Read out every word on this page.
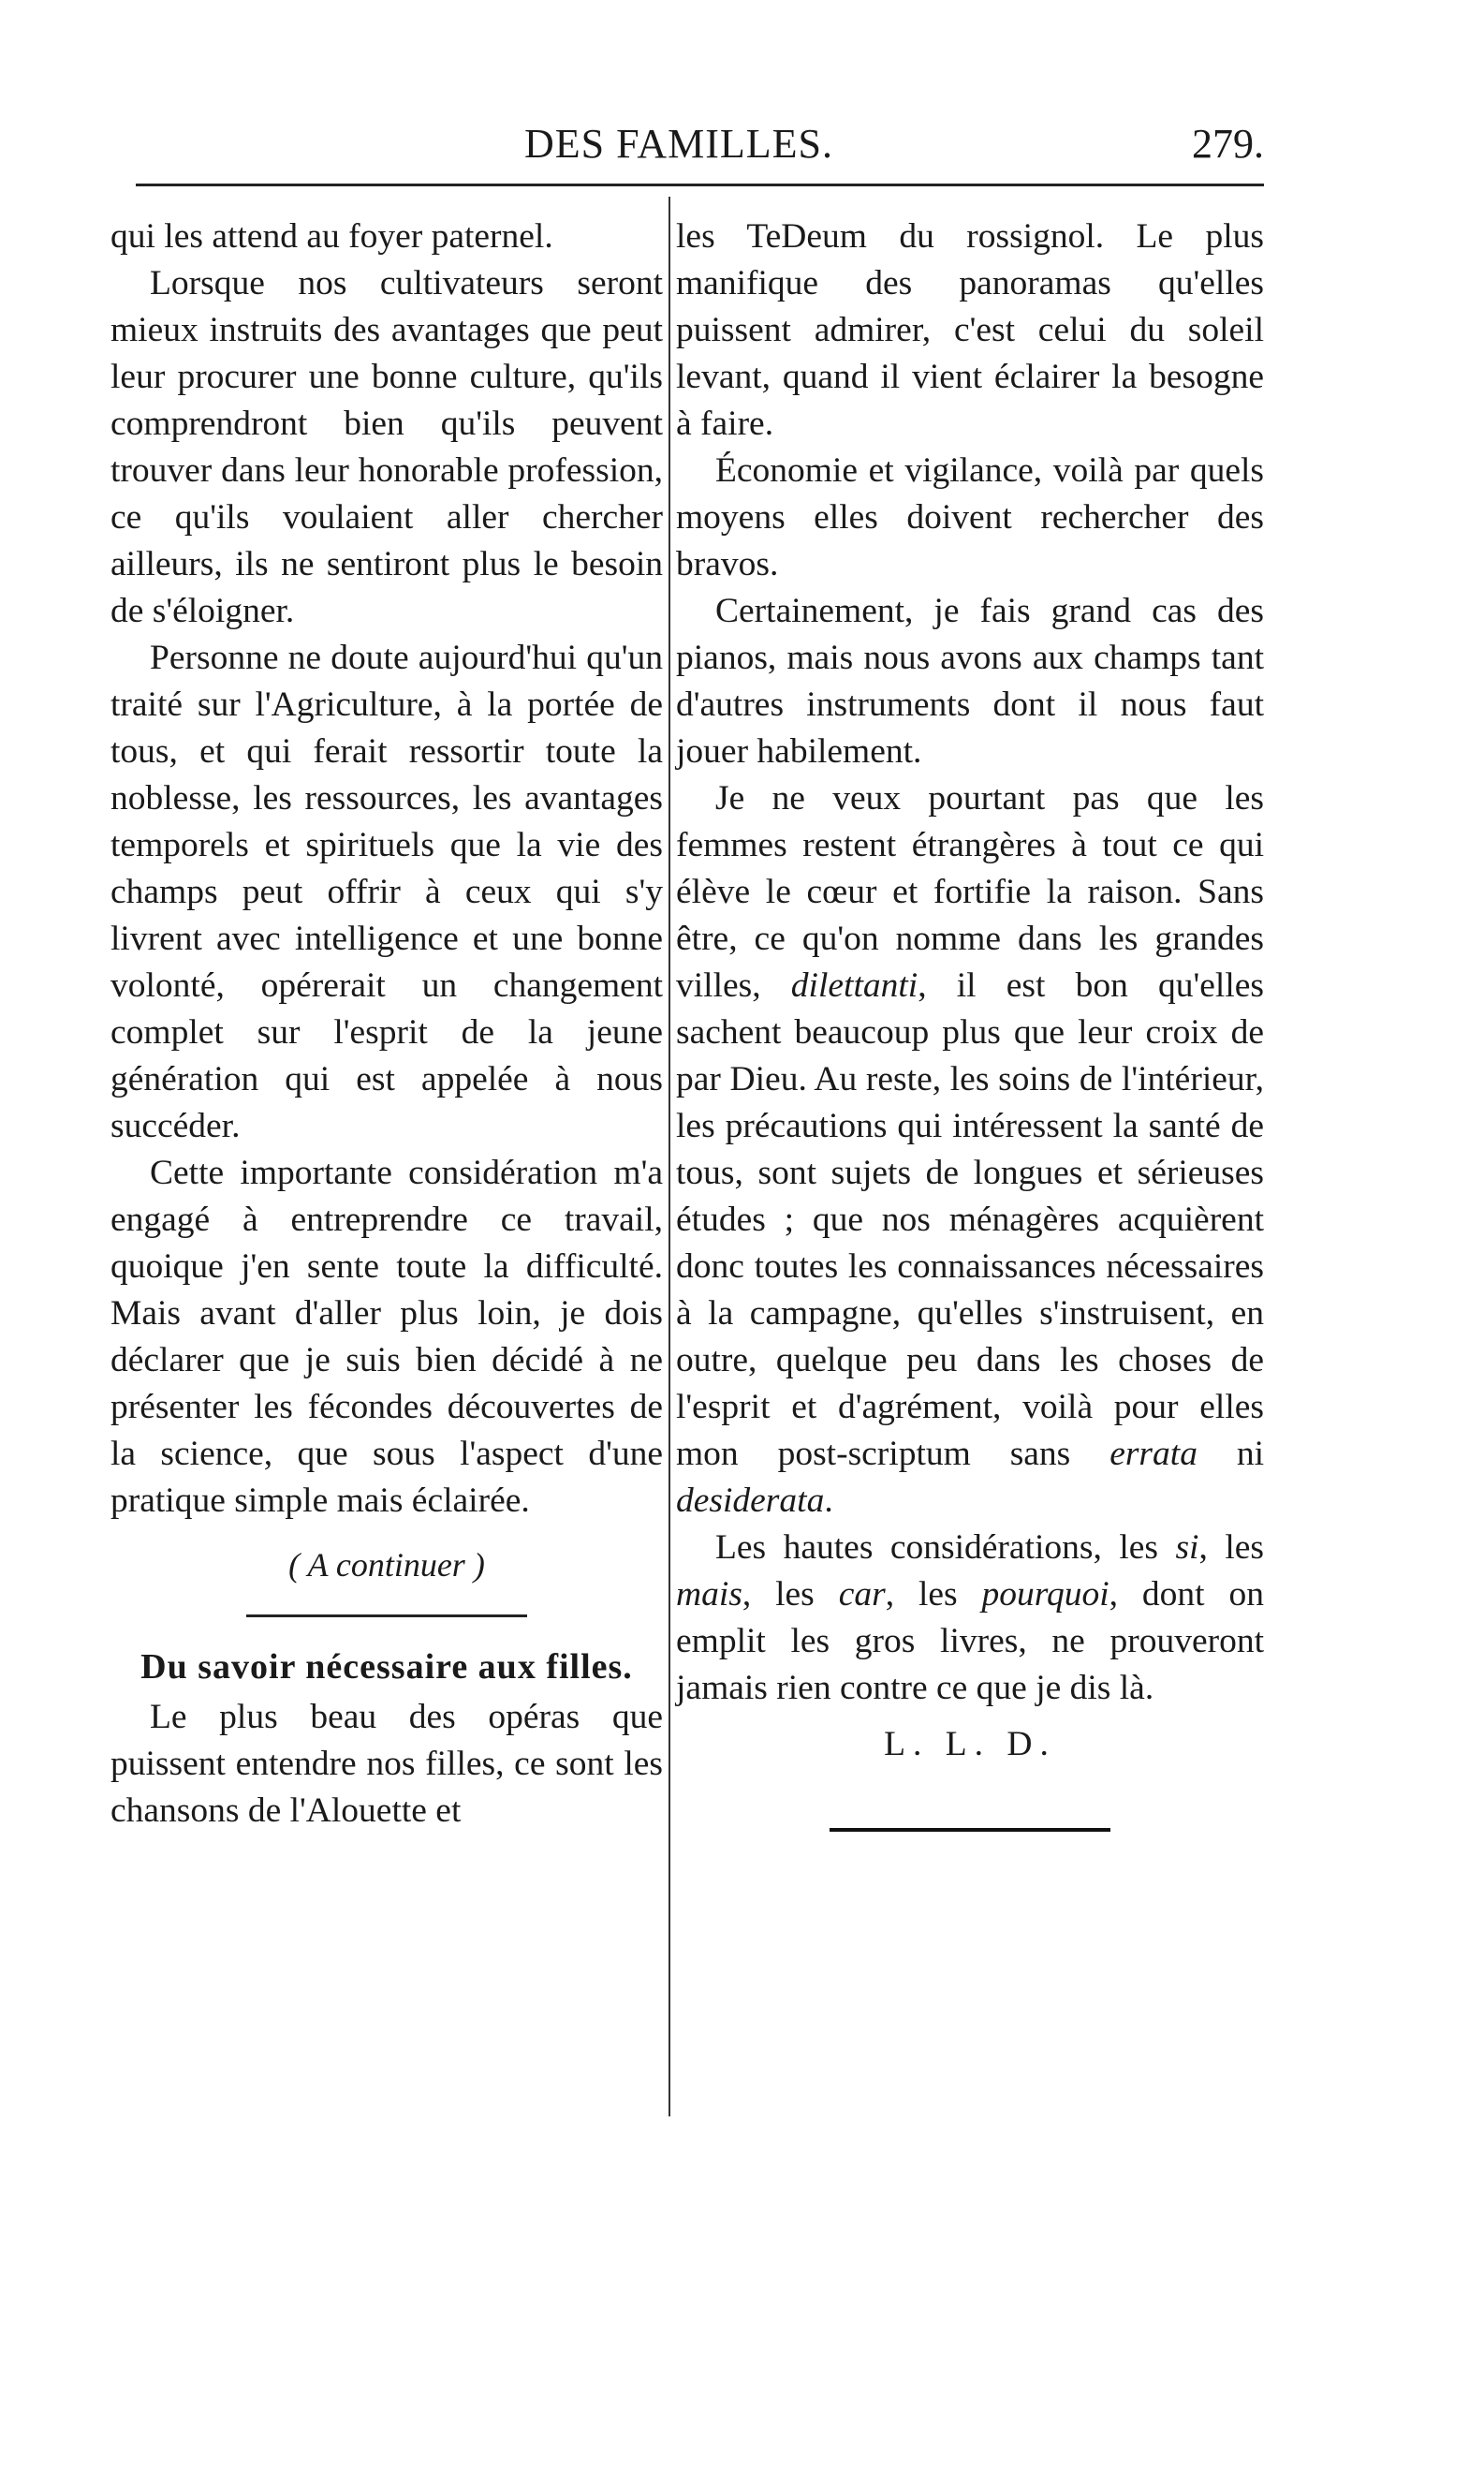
DES FAMILLES.	279.

qui les attend au foyer paternel.

Lorsque nos cultivateurs seront mieux instruits des avantages que peut leur procurer une bonne culture, qu'ils comprendront bien qu'ils peuvent trouver dans leur honorable profession, ce qu'ils voulaient aller chercher ailleurs, ils ne sentiront plus le besoin de s'éloigner.

Personne ne doute aujourd'hui qu'un traité sur l'Agriculture, à la portée de tous, et qui ferait ressortir toute la noblesse, les ressources, les avantages temporels et spirituels que la vie des champs peut offrir à ceux qui s'y livrent avec intelligence et une bonne volonté, opérerait un changement complet sur l'esprit de la jeune génération qui est appelée à nous succéder.

Cette importante considération m'a engagé à entreprendre ce travail, quoique j'en sente toute la difficulté. Mais avant d'aller plus loin, je dois déclarer que je suis bien décidé à ne présenter les fécondes découvertes de la science, que sous l'aspect d'une pratique simple mais éclairée.

( A continuer )
Du savoir nécessaire aux filles.

Le plus beau des opéras que puissent entendre nos filles, ce sont les chansons de l'Alouette et

les TeDeum du rossignol. Le plus manifique des panoramas qu'elles puissent admirer, c'est celui du soleil levant, quand il vient éclairer la besogne à faire.

Économie et vigilance, voilà par quels moyens elles doivent rechercher des bravos.

Certainement, je fais grand cas des pianos, mais nous avons aux champs tant d'autres instruments dont il nous faut jouer habilement.

Je ne veux pourtant pas que les femmes restent étrangères à tout ce qui élève le cœur et fortifie la raison. Sans être, ce qu'on nomme dans les grandes villes, dilettanti, il est bon qu'elles sachent beaucoup plus que leur croix de par Dieu. Au reste, les soins de l'intérieur, les précautions qui intéressent la santé de tous, sont sujets de longues et sérieuses études ; que nos ménagères acquièrent donc toutes les connaissances nécessaires à la campagne, qu'elles s'instruisent, en outre, quelque peu dans les choses de l'esprit et d'agrément, voilà pour elles mon post-scriptum sans errata ni desiderata.

Les hautes considérations, les si, les mais, les car, les pourquoi, dont on emplit les gros livres, ne prouveront jamais rien contre ce que je dis là.

L. L. D.
